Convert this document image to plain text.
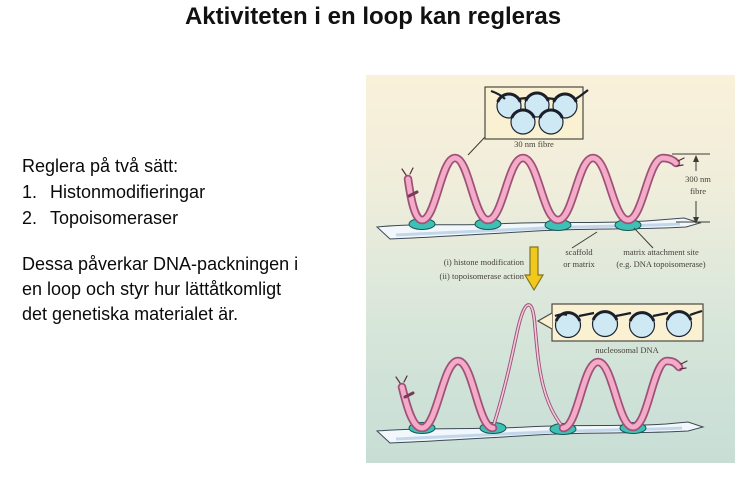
Aktiviteten i en loop kan regleras
Reglera på två sätt:
1. Histonmodifieringar
2. Topoisomeraser
Dessa påverkar DNA-packningen i
en loop och styr hur lättåtkomligt
det genetiska materialet är.
30 nm fibre
300 nm
fibre
scaffold
or matrix
matrix attachment site
(e.g. DNA topoisomerase)
(i) histone modification
(ii) topoisomerase action
nucleosomal DNA
